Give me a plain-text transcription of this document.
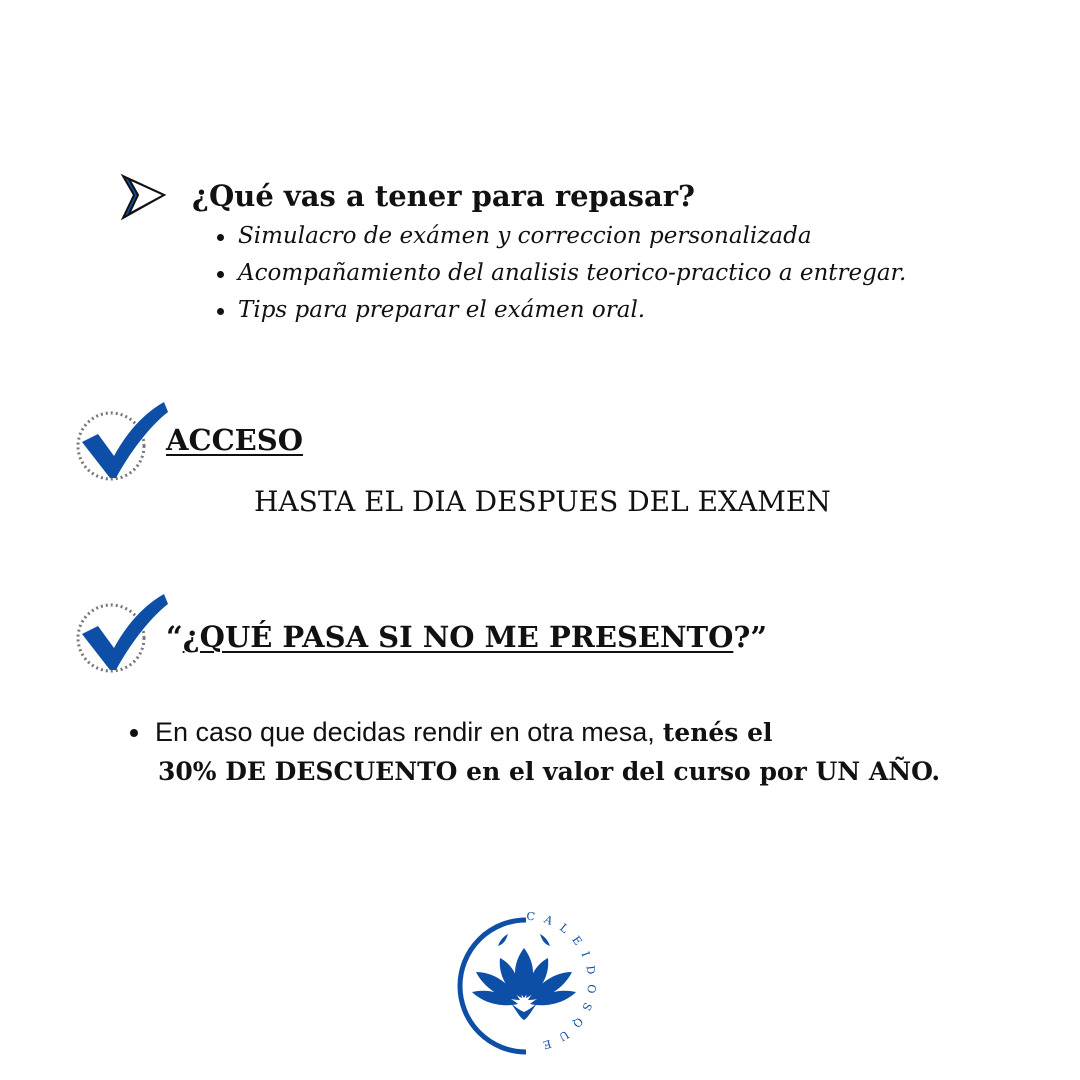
¿Qué vas a tener para repasar?
Simulacro de exámen y correccion personalizada
Acompañamiento del analisis teorico-practico a entregar.
Tips para preparar el exámen oral.
ACCESO
HASTA EL DIA DESPUES DEL EXAMEN
“¿QUÉ PASA SI NO ME PRESENTO?”
En caso que decidas rendir en otra mesa, tenés el
30% DE DESCUENTO en el valor del curso por UN AÑO.
CALEIDOSQUE
